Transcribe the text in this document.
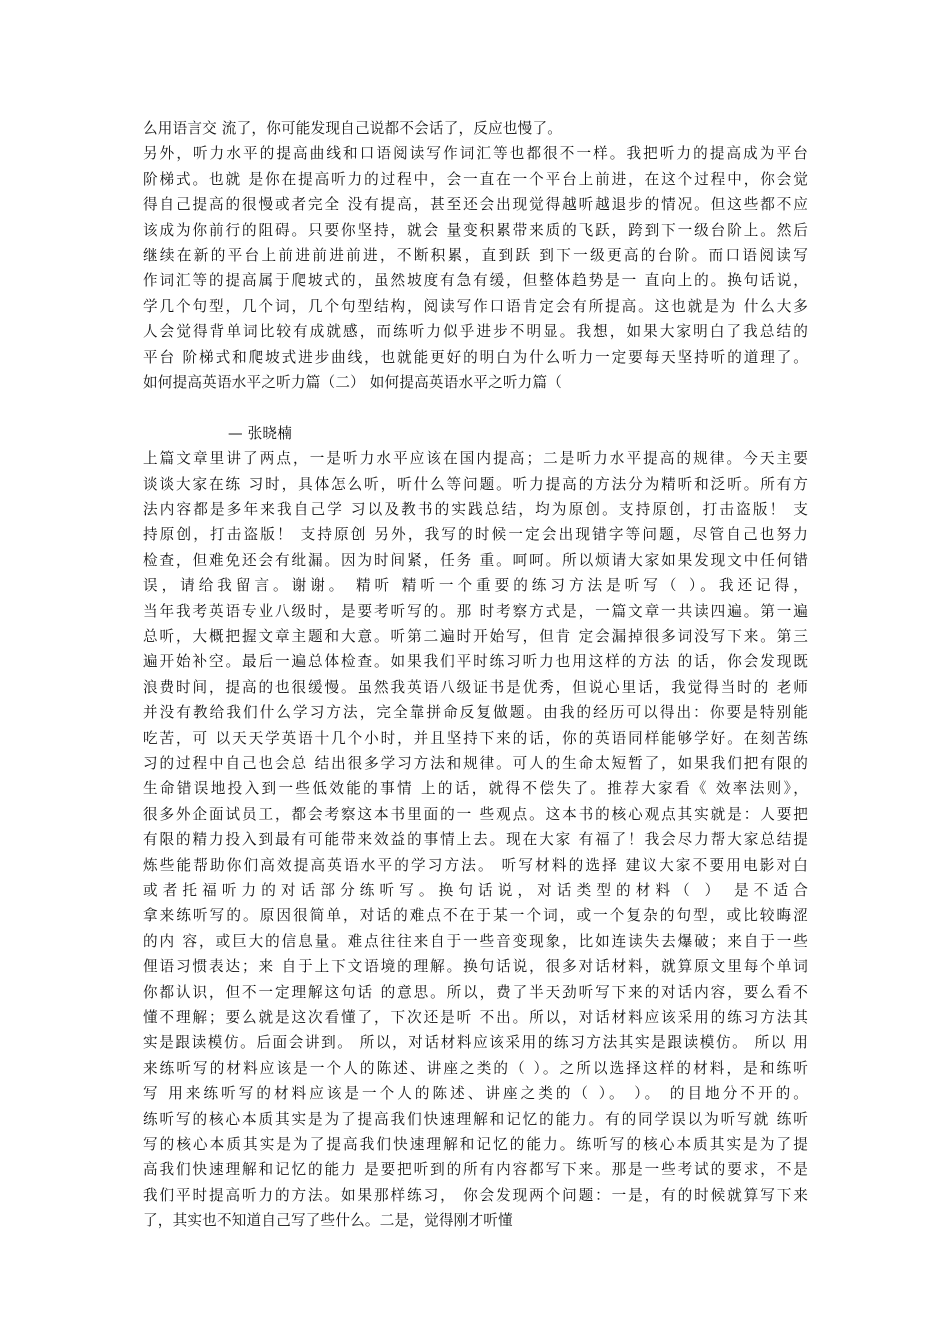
么用语言交 流了，你可能发现自己说都不会话了，反应也慢了。
另外，听力水平的提高曲线和口语阅读写作词汇等也都很不一样。我把听力的提高成为平台
阶梯式。也就 是你在提高听力的过程中，会一直在一个平台上前进，在这个过程中，你会觉
得自己提高的很慢或者完全 没有提高，甚至还会出现觉得越听越退步的情况。但这些都不应
该成为你前行的阻碍。只要你坚持，就会 量变积累带来质的飞跃，跨到下一级台阶上。然后
继续在新的平台上前进前进前进，不断积累，直到跃 到下一级更高的台阶。而口语阅读写
作词汇等的提高属于爬坡式的，虽然坡度有急有缓，但整体趋势是一 直向上的。换句话说，
学几个句型，几个词，几个句型结构，阅读写作口语肯定会有所提高。这也就是为 什么大多
人会觉得背单词比较有成就感，而练听力似乎进步不明显。我想，如果大家明白了我总结的
平台 阶梯式和爬坡式进步曲线，也就能更好的明白为什么听力一定要每天坚持听的道理了。
如何提高英语水平之听力篇（二） 如何提高英语水平之听力篇（
— 张晓楠
上篇文章里讲了两点，一是听力水平应该在国内提高；二是听力水平提高的规律。今天主要
谈谈大家在练 习时，具体怎么听，听什么等问题。听力提高的方法分为精听和泛听。所有方
法内容都是多年来我自己学 习以及教书的实践总结，均为原创。支持原创，打击盗版！ 支
持原创，打击盗版！ 支持原创 另外，我写的时候一定会出现错字等问题，尽管自己也努力
检查，但难免还会有纰漏。因为时间紧，任务 重。呵呵。所以烦请大家如果发现文中任何错
误，请给我留言。谢谢。 精听 精听一个重要的练习方法是听写（ ）。我还记得，
当年我考英语专业八级时，是要考听写的。那 时考察方式是，一篇文章一共读四遍。第一遍
总听，大概把握文章主题和大意。听第二遍时开始写，但肯 定会漏掉很多词没写下来。第三
遍开始补空。最后一遍总体检查。如果我们平时练习听力也用这样的方法 的话，你会发现既
浪费时间，提高的也很缓慢。虽然我英语八级证书是优秀，但说心里话，我觉得当时的 老师
并没有教给我们什么学习方法，完全靠拼命反复做题。由我的经历可以得出：你要是特别能
吃苦，可 以天天学英语十几个小时，并且坚持下来的话，你的英语同样能够学好。在刻苦练
习的过程中自己也会总 结出很多学习方法和规律。可人的生命太短暂了，如果我们把有限的
生命错误地投入到一些低效能的事情 上的话，就得不偿失了。推荐大家看《 效率法则》，
很多外企面试员工，都会考察这本书里面的一 些观点。这本书的核心观点其实就是：人要把
有限的精力投入到最有可能带来效益的事情上去。现在大家 有福了！我会尽力帮大家总结提
炼些能帮助你们高效提高英语水平的学习方法。 听写材料的选择 建议大家不要用电影对白
或者托福听力的对话部分练听写。换句话说，对话类型的材料（ ） 是不适合
拿来练听写的。原因很简单，对话的难点不在于某一个词，或一个复杂的句型，或比较晦涩
的内 容，或巨大的信息量。难点往往来自于一些音变现象，比如连读失去爆破；来自于一些
俚语习惯表达；来 自于上下文语境的理解。换句话说，很多对话材料，就算原文里每个单词
你都认识，但不一定理解这句话 的意思。所以，费了半天劲听写下来的对话内容，要么看不
懂不理解；要么就是这次看懂了，下次还是听 不出。所以，对话材料应该采用的练习方法其
实是跟读模仿。后面会讲到。 所以，对话材料应该采用的练习方法其实是跟读模仿。 所以 用
来练听写的材料应该是一个人的陈述、讲座之类的（ ）。之所以选择这样的材料，是和练听
写 用来练听写的材料应该是一个人的陈述、讲座之类的（ ）。 ）。 的目地分不开的。
练听写的核心本质其实是为了提高我们快速理解和记忆的能力。有的同学误以为听写就 练听
写的核心本质其实是为了提高我们快速理解和记忆的能力。练听写的核心本质其实是为了提
高我们快速理解和记忆的能力 是要把听到的所有内容都写下来。那是一些考试的要求，不是
我们平时提高听力的方法。如果那样练习， 你会发现两个问题：一是，有的时候就算写下来
了，其实也不知道自己写了些什么。二是，觉得刚才听懂
